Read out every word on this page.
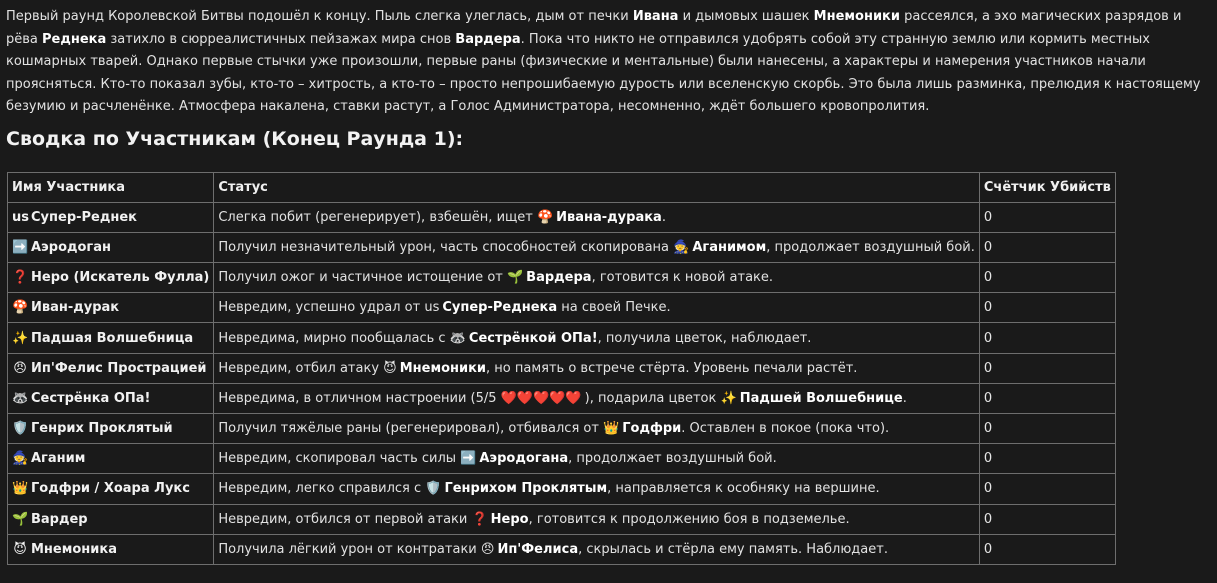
Первый раунд Королевской Битвы подошёл к концу. Пыль слегка улеглась, дым от печки Ивана и дымовых шашек Мнемоники рассеялся, а эхо магических разрядов и рёва Реднека затихло в сюрреалистичных пейзажах мира снов Вардера. Пока что никто не отправился удобрять собой эту странную землю или кормить местных кошмарных тварей. Однако первые стычки уже произошли, первые раны (физические и ментальные) были нанесены, а характеры и намерения участников начали проясняться. Кто-то показал зубы, кто-то – хитрость, а кто-то – просто непрошибаемую дурость или вселенскую скорбь. Это была лишь разминка, прелюдия к настоящему безумию и расчленёнке. Атмосфера накалена, ставки растут, а Голос Администратора, несомненно, ждёт большего кровопролития.

Сводка по Участникам (Конец Раунда 1):
Имя Участника	Статус	Счётчик Убийств
us Супер-Реднек	Слегка побит (регенерирует), взбешён, ищет 🍄 Ивана-дурака.	0
➡️ Аэродоган	Получил незначительный урон, часть способностей скопирована 🧙 Аганимом, продолжает воздушный бой.	0
❓ Неро (Искатель Фулла)	Получил ожог и частичное истощение от 🌱 Вардера, готовится к новой атаке.	0
🍄 Иван-дурак	Невредим, успешно удрал от us Супер-Реднека на своей Печке.	0
✨ Падшая Волшебница	Невредима, мирно пообщалась с 🦝 Сестрёнкой ОПа!, получила цветок, наблюдает.	0
😠 Ип'Фелис Прострацией	Невредим, отбил атаку 😈 Мнемоники, но память о встрече стёрта. Уровень печали растёт.	0
🦝 Сестрёнка ОПа!	Невредима, в отличном настроении (5/5 ❤️❤️❤️❤️❤️ ), подарила цветок ✨ Падшей Волшебнице.	0
🛡️ Генрих Проклятый	Получил тяжёлые раны (регенерировал), отбивался от 👑 Годфри. Оставлен в покое (пока что).	0
🧙 Аганим	Невредим, скопировал часть силы ➡️ Аэродогана, продолжает воздушный бой.	0
👑 Годфри / Хоара Лукс	Невредим, легко справился с 🛡️ Генрихом Проклятым, направляется к особняку на вершине.	0
🌱 Вардер	Невредим, отбился от первой атаки ❓ Неро, готовится к продолжению боя в подземелье.	0
😈 Мнемоника	Получила лёгкий урон от контратаки 😠 Ип'Фелиса, скрылась и стёрла ему память. Наблюдает.	0
